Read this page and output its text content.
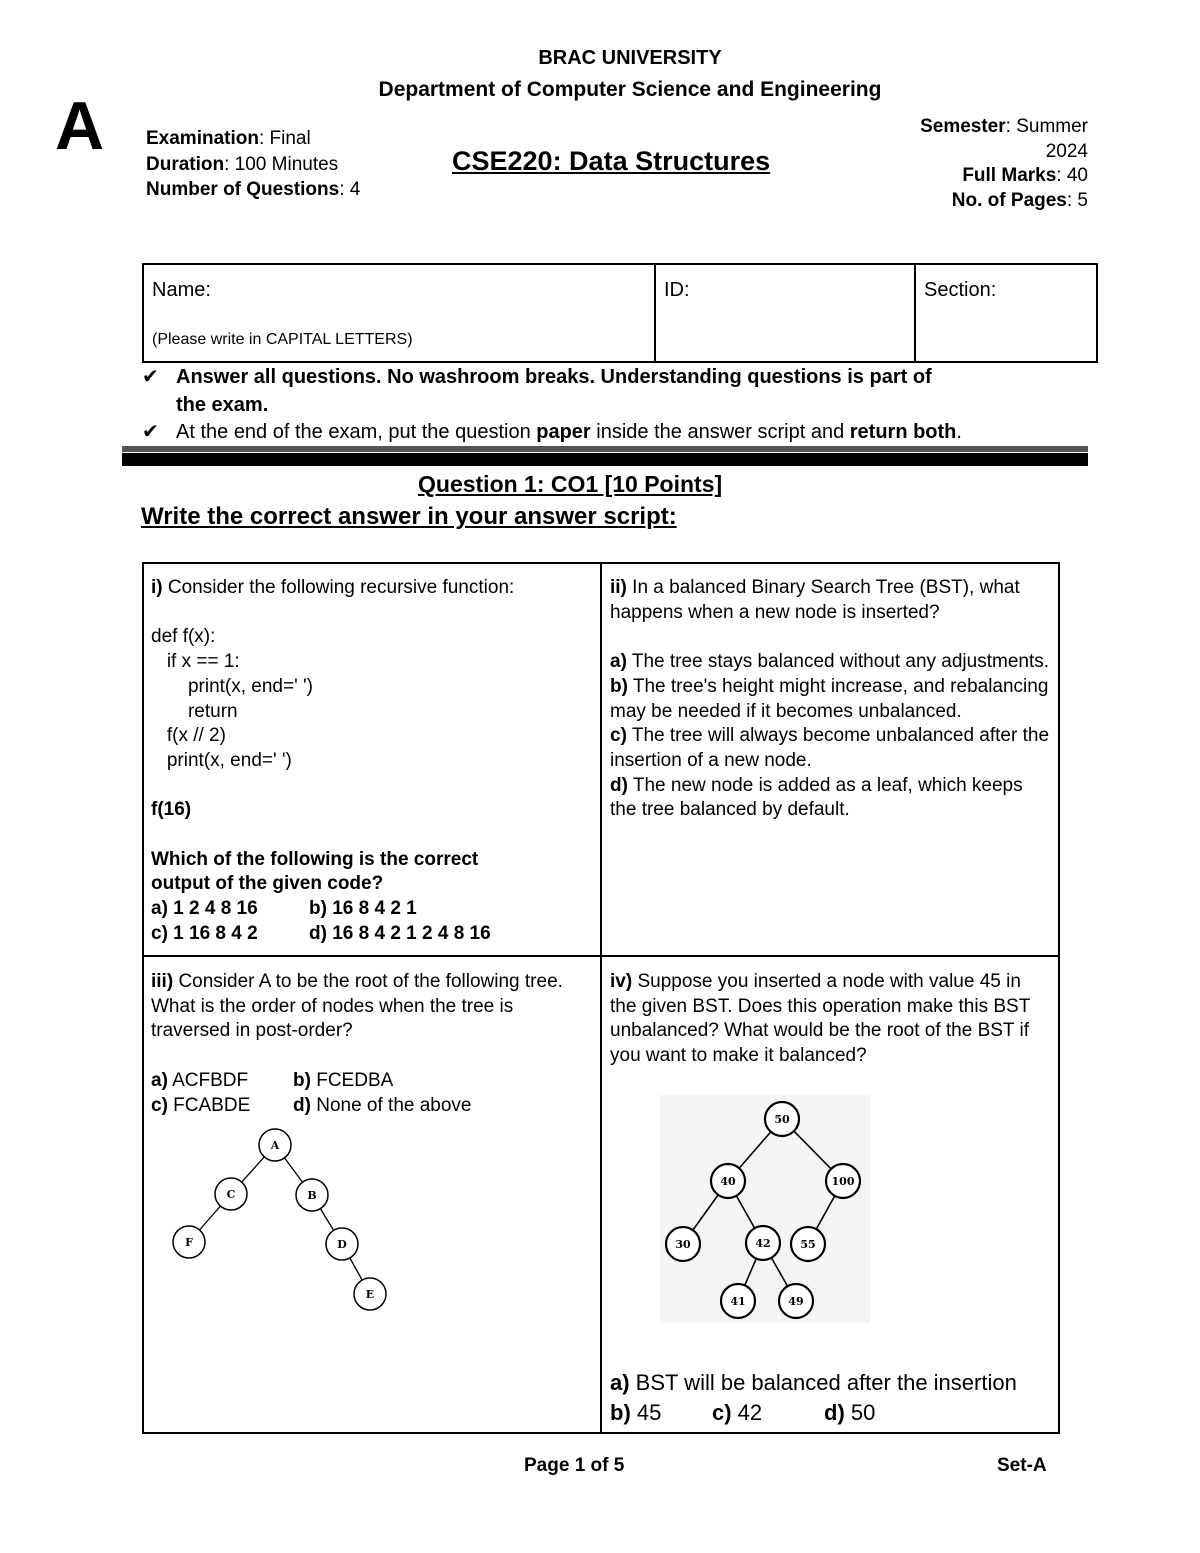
BRAC UNIVERSITY
Department of Computer Science and Engineering
A Examination: Final
Duration: 100 Minutes
Number of Questions: 4
CSE220: Data Structures
Semester: Summer
2024
Full Marks: 40
No. of Pages: 5
Name:
(Please write in CAPITAL LETTERS)
ID:	Section:
✔ Answer all questions. No washroom breaks. Understanding questions is part of
the exam.
✔ At the end of the exam, put the question paper inside the answer script and return both.
Question 1: CO1 [10 Points]
Write the correct answer in your answer script:
i) Consider the following recursive function:
def f(x):
if x == 1:
print(x, end=' ')
return
f(x // 2)
print(x, end=' ')
f(16)
Which of the following is the correct
output of the given code?
a) 1 2 4 8 16	b) 16 8 4 2 1
c) 1 16 8 4 2	d) 16 8 4 2 1 2 4 8 16
ii) In a balanced Binary Search Tree (BST), what happens when a new node is inserted?
a) The tree stays balanced without any adjustments.
b) The tree's height might increase, and rebalancing may be needed if it becomes unbalanced.
c) The tree will always become unbalanced after the insertion of a new node.
d) The new node is added as a leaf, which keeps the tree balanced by default.
iii) Consider A to be the root of the following tree. What is the order of nodes when the tree is traversed in post-order?
a) ACFBDF b) FCEDBA
c) FCABDE d) None of the above
A
C	B
F	D
E
iv) Suppose you inserted a node with value 45 in the given BST. Does this operation make this BST unbalanced? What would be the root of the BST if you want to make it balanced?
50
40	100
30	42	55
41	49
a) BST will be balanced after the insertion
b) 45 c) 42	d) 50
Page 1 of 5	Set-A
